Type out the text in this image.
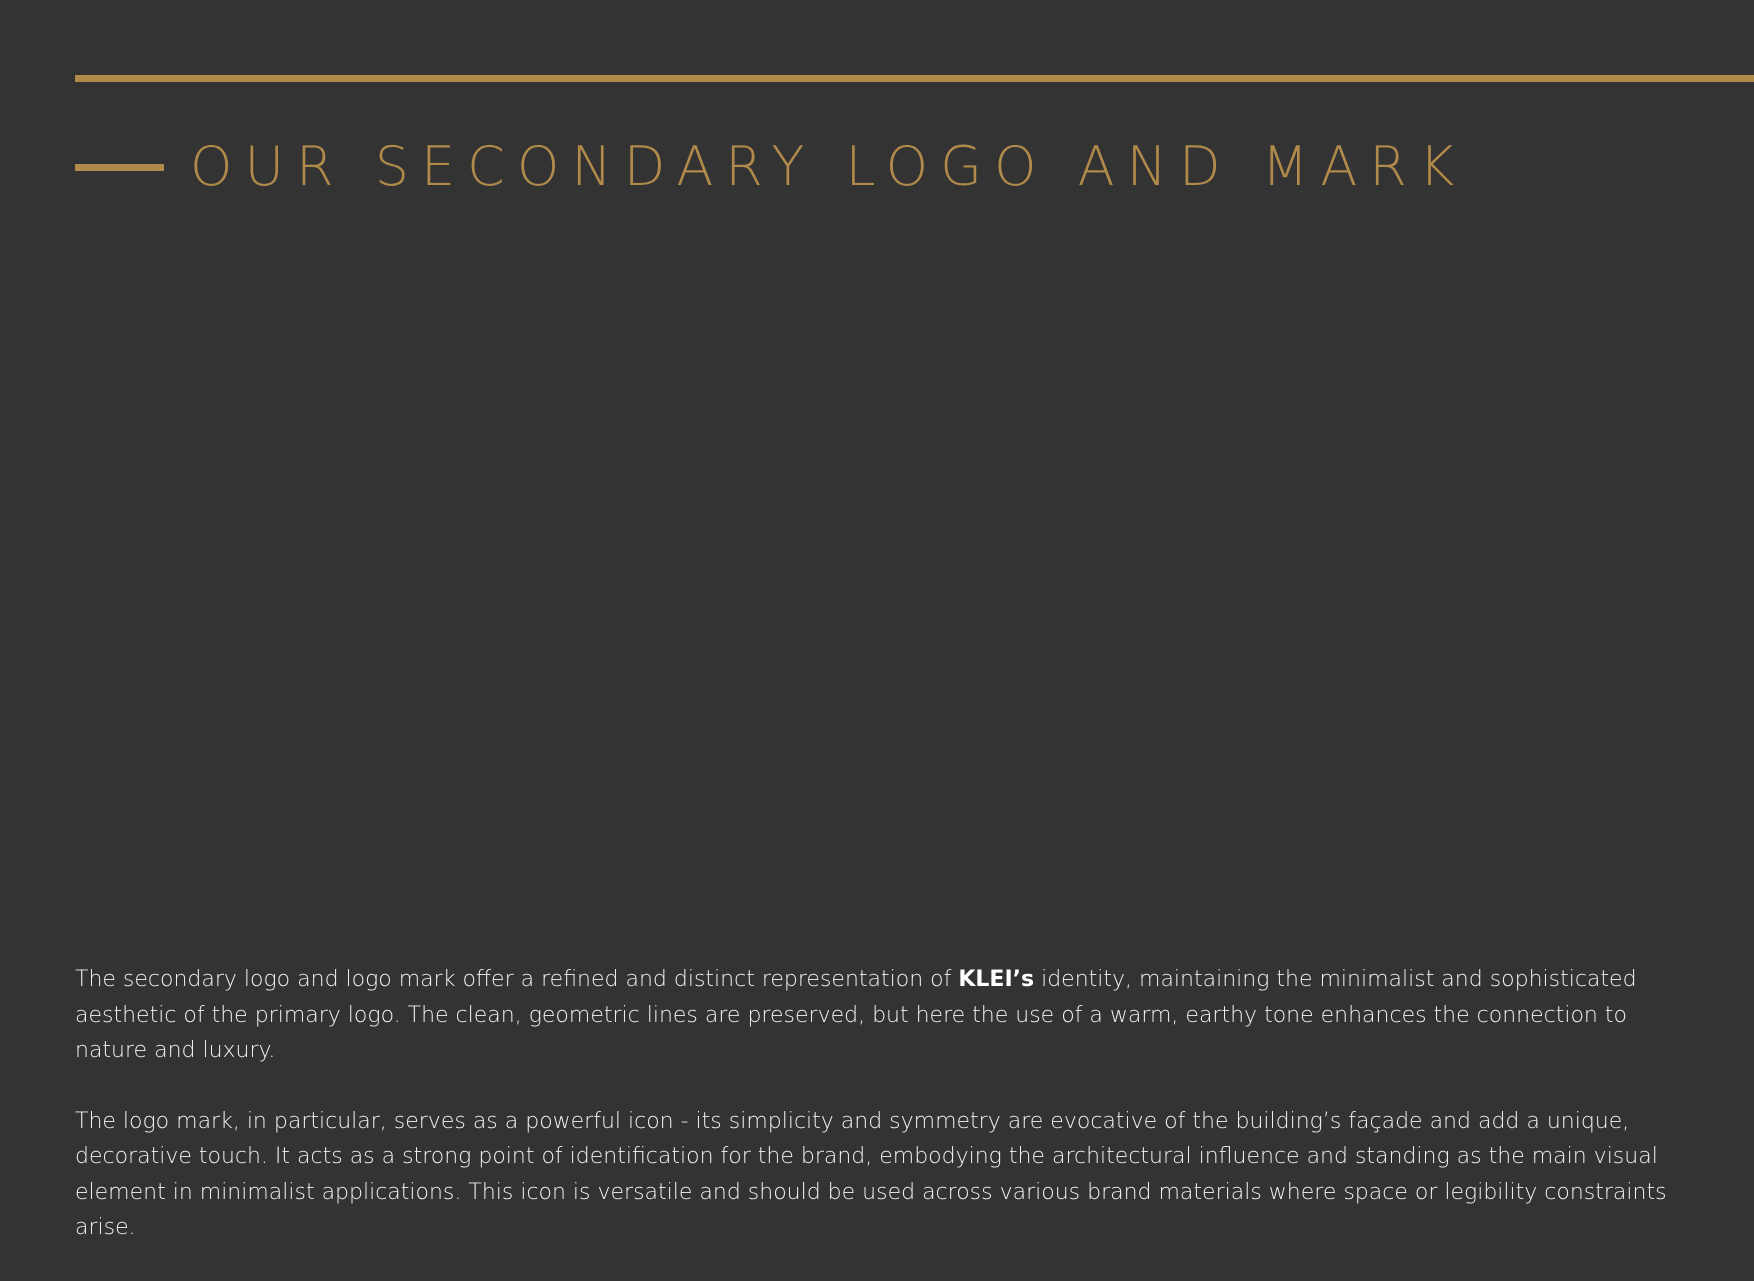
OUR SECONDARY LOGO AND MARK

The secondary logo and logo mark offer a refined and distinct representation of KLEI’s identity, maintaining the minimalist and sophisticated aesthetic of the primary logo. The clean, geometric lines are preserved, but here the use of a warm, earthy tone enhances the connection to nature and luxury.

The logo mark, in particular, serves as a powerful icon - its simplicity and symmetry are evocative of the building’s façade and add a unique, decorative touch. It acts as a strong point of identification for the brand, embodying the architectural influence and standing as the main visual element in minimalist applications. This icon is versatile and should be used across various brand materials where space or legibility constraints arise.
